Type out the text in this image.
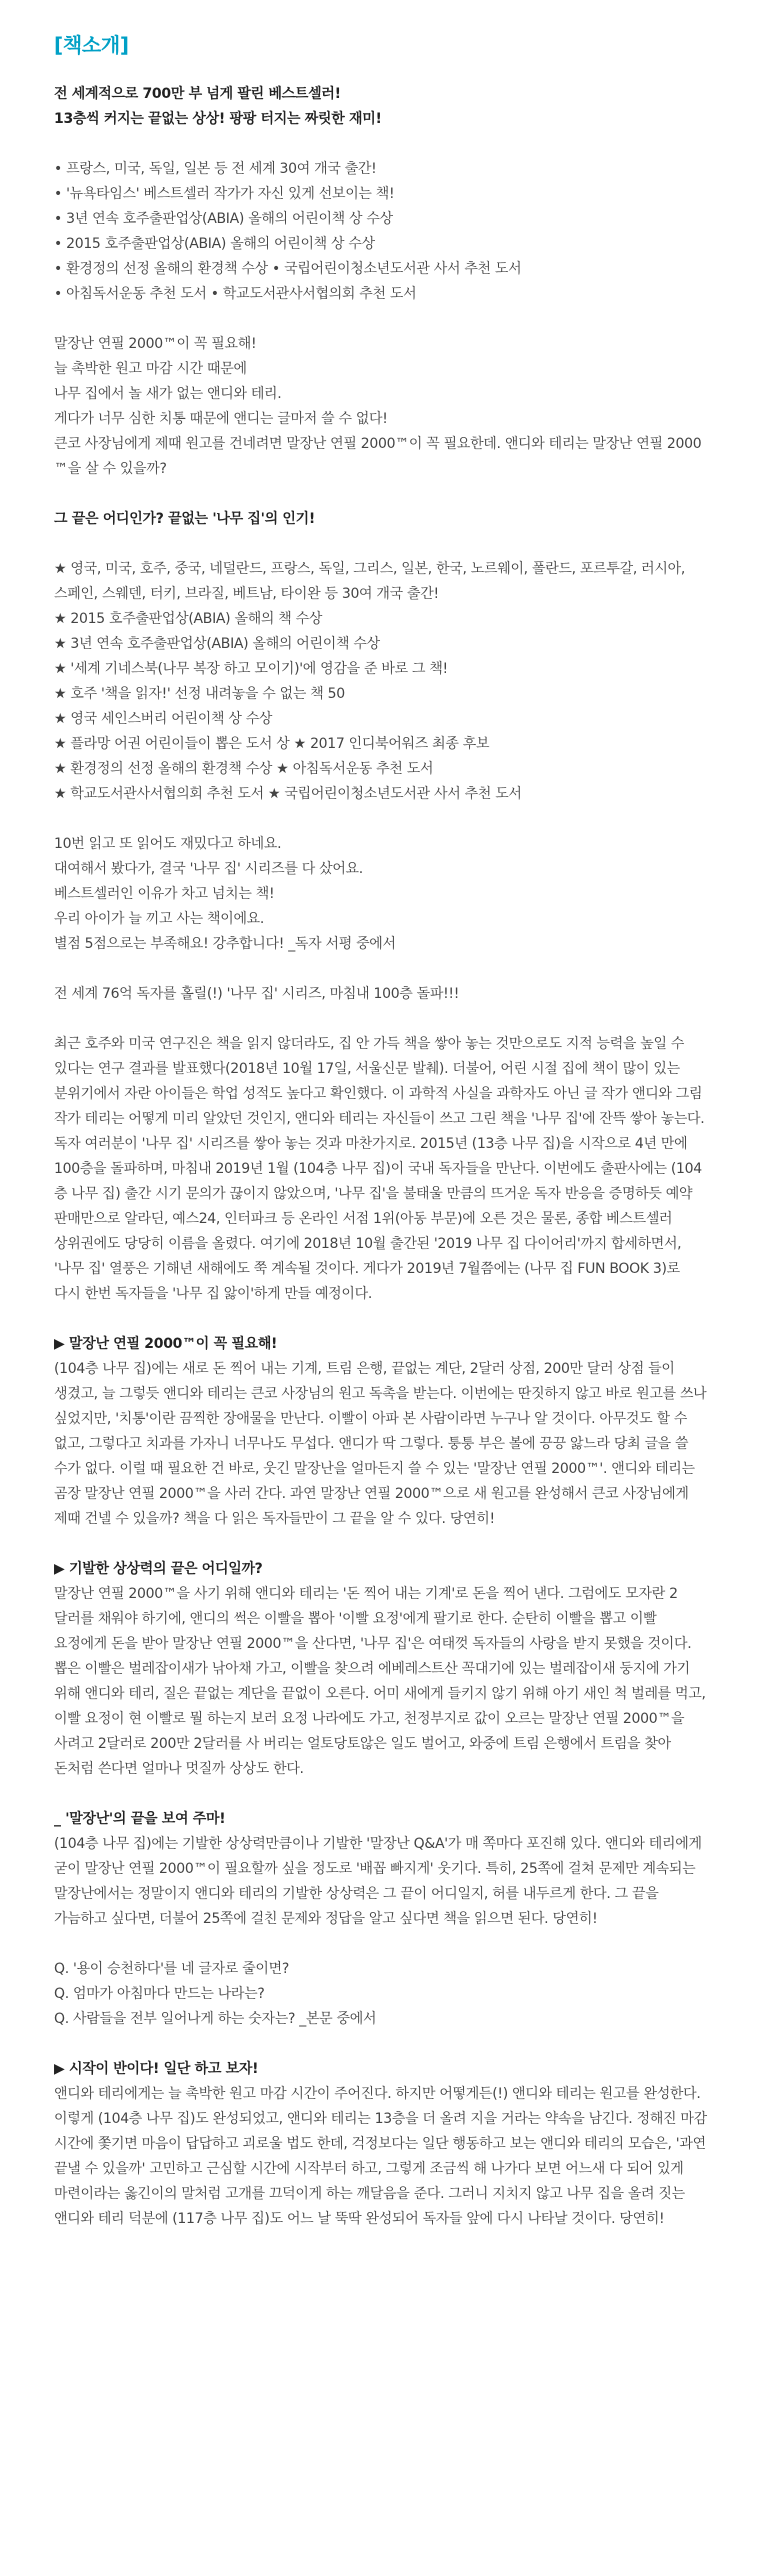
[책소개]
전 세계적으로 700만 부 넘게 팔린 베스트셀러!
13층씩 커지는 끝없는 상상! 팡팡 터지는 짜릿한 재미!
• 프랑스, 미국, 독일, 일본 등 전 세계 30여 개국 출간!
• '뉴욕타임스' 베스트셀러 작가가 자신 있게 선보이는 책!
• 3년 연속 호주출판업상(ABIA) 올해의 어린이책 상 수상
• 2015 호주출판업상(ABIA) 올해의 어린이책 상 수상
• 환경정의 선정 올해의 환경책 수상 • 국립어린이청소년도서관 사서 추천 도서
• 아침독서운동 추천 도서 • 학교도서관사서협의회 추천 도서
말장난 연필 2000™이 꼭 필요해!
늘 촉박한 원고 마감 시간 때문에
나무 집에서 놀 새가 없는 앤디와 테리.
게다가 너무 심한 치통 때문에 앤디는 글마저 쓸 수 없다!
큰코 사장님에게 제때 원고를 건네려면 말장난 연필 2000™이 꼭 필요한데. 앤디와 테리는 말장난 연필 2000
™을 살 수 있을까?
그 끝은 어디인가? 끝없는 '나무 집'의 인기!
★ 영국, 미국, 호주, 중국, 네덜란드, 프랑스, 독일, 그리스, 일본, 한국, 노르웨이, 폴란드, 포르투갈, 러시아,
스페인, 스웨덴, 터키, 브라질, 베트남, 타이완 등 30여 개국 출간!
★ 2015 호주출판업상(ABIA) 올해의 책 수상
★ 3년 연속 호주출판업상(ABIA) 올해의 어린이책 수상
★ '세계 기네스북(나무 복장 하고 모이기)'에 영감을 준 바로 그 책!
★ 호주 '책을 읽자!' 선정 내려놓을 수 없는 책 50
★ 영국 세인스버리 어린이책 상 수상
★ 플라망 어권 어린이들이 뽑은 도서 상 ★ 2017 인디북어워즈 최종 후보
★ 환경정의 선정 올해의 환경책 수상 ★ 아침독서운동 추천 도서
★ 학교도서관사서협의회 추천 도서 ★ 국립어린이청소년도서관 사서 추천 도서
10번 읽고 또 읽어도 재밌다고 하네요.
대여해서 봤다가, 결국 '나무 집' 시리즈를 다 샀어요.
베스트셀러인 이유가 차고 넘치는 책!
우리 아이가 늘 끼고 사는 책이에요.
별점 5점으로는 부족해요! 강추합니다! _독자 서평 중에서
전 세계 76억 독자를 홀릴(!) '나무 집' 시리즈, 마침내 100층 돌파!!!
최근 호주와 미국 연구진은 책을 읽지 않더라도, 집 안 가득 책을 쌓아 놓는 것만으로도 지적 능력을 높일 수
있다는 연구 결과를 발표했다(2018년 10월 17일, 서울신문 발췌). 더불어, 어린 시절 집에 책이 많이 있는
분위기에서 자란 아이들은 학업 성적도 높다고 확인했다. 이 과학적 사실을 과학자도 아닌 글 작가 앤디와 그림
작가 테리는 어떻게 미리 알았던 것인지, 앤디와 테리는 자신들이 쓰고 그린 책을 '나무 집'에 잔뜩 쌓아 놓는다.
독자 여러분이 '나무 집' 시리즈를 쌓아 놓는 것과 마찬가지로. 2015년 (13층 나무 집)을 시작으로 4년 만에
100층을 돌파하며, 마침내 2019년 1월 (104층 나무 집)이 국내 독자들을 만난다. 이번에도 출판사에는 (104
층 나무 집) 출간 시기 문의가 끊이지 않았으며, '나무 집'을 불태울 만큼의 뜨거운 독자 반응을 증명하듯 예약
판매만으로 알라딘, 예스24, 인터파크 등 온라인 서점 1위(아동 부문)에 오른 것은 물론, 종합 베스트셀러
상위권에도 당당히 이름을 올렸다. 여기에 2018년 10월 출간된 '2019 나무 집 다이어리'까지 합세하면서,
'나무 집' 열풍은 기해년 새해에도 쭉 계속될 것이다. 게다가 2019년 7월쯤에는 (나무 집 FUN BOOK 3)로
다시 한번 독자들을 '나무 집 앓이'하게 만들 예정이다.
▶ 말장난 연필 2000™이 꼭 필요해!
(104층 나무 집)에는 새로 돈 찍어 내는 기계, 트림 은행, 끝없는 계단, 2달러 상점, 200만 달러 상점 들이
생겼고, 늘 그렇듯 앤디와 테리는 큰코 사장님의 원고 독촉을 받는다. 이번에는 딴짓하지 않고 바로 원고를 쓰나
싶었지만, '치통'이란 끔찍한 장애물을 만난다. 이빨이 아파 본 사람이라면 누구나 알 것이다. 아무것도 할 수
없고, 그렇다고 치과를 가자니 너무나도 무섭다. 앤디가 딱 그렇다. 퉁퉁 부은 볼에 끙끙 앓느라 당최 글을 쓸
수가 없다. 이럴 때 필요한 건 바로, 웃긴 말장난을 얼마든지 쓸 수 있는 '말장난 연필 2000™'. 앤디와 테리는
곰장 말장난 연필 2000™을 사러 간다. 과연 말장난 연필 2000™으로 새 원고를 완성해서 큰코 사장님에게
제때 건넬 수 있을까? 책을 다 읽은 독자들만이 그 끝을 알 수 있다. 당연히!
▶ 기발한 상상력의 끝은 어디일까?
말장난 연필 2000™을 사기 위해 앤디와 테리는 '돈 찍어 내는 기계'로 돈을 찍어 낸다. 그럼에도 모자란 2
달러를 채워야 하기에, 앤디의 썩은 이빨을 뽑아 '이빨 요정'에게 팔기로 한다. 순탄히 이빨을 뽑고 이빨
요정에게 돈을 받아 말장난 연필 2000™을 산다면, '나무 집'은 여태껏 독자들의 사랑을 받지 못했을 것이다.
뽑은 이빨은 벌레잡이새가 낚아채 가고, 이빨을 찾으려 에베레스트산 꼭대기에 있는 벌레잡이새 둥지에 가기
위해 앤디와 테리, 질은 끝없는 계단을 끝없이 오른다. 어미 새에게 들키지 않기 위해 아기 새인 척 벌레를 먹고,
이빨 요정이 현 이빨로 뭘 하는지 보러 요정 나라에도 가고, 천정부지로 값이 오르는 말장난 연필 2000™을
사려고 2달러로 200만 2달러를 사 버리는 얼토당토않은 일도 벌어고, 와중에 트림 은행에서 트림을 찾아
돈처럼 쓴다면 얼마나 멋질까 상상도 한다.
_ '말장난'의 끝을 보여 주마!
(104층 나무 집)에는 기발한 상상력만큼이나 기발한 '말장난 Q&A'가 매 쪽마다 포진해 있다. 앤디와 테리에게
굳이 말장난 연필 2000™이 필요할까 싶을 정도로 '배꼽 빠지게' 웃기다. 특히, 25쪽에 걸쳐 문제만 계속되는
말장난에서는 정말이지 앤디와 테리의 기발한 상상력은 그 끝이 어디일지, 허를 내두르게 한다. 그 끝을
가늠하고 싶다면, 더불어 25쪽에 걸친 문제와 정답을 알고 싶다면 책을 읽으면 된다. 당연히!
Q. '용이 승천하다'를 네 글자로 줄이면?
Q. 엄마가 아침마다 만드는 나라는?
Q. 사람들을 전부 일어나게 하는 숫자는? _본문 중에서
▶ 시작이 반이다! 일단 하고 보자!
앤디와 테리에게는 늘 촉박한 원고 마감 시간이 주어진다. 하지만 어떻게든(!) 앤디와 테리는 원고를 완성한다.
이렇게 (104층 나무 집)도 완성되었고, 앤디와 테리는 13층을 더 올려 지을 거라는 약속을 남긴다. 정해진 마감
시간에 쫓기면 마음이 답답하고 괴로울 법도 한데, 걱정보다는 일단 행동하고 보는 앤디와 테리의 모습은, '과연
끝낼 수 있을까' 고민하고 근심할 시간에 시작부터 하고, 그렇게 조금씩 해 나가다 보면 어느새 다 되어 있게
마련이라는 옳긴이의 말처럼 고개를 끄덕이게 하는 깨달음을 준다. 그러니 지치지 않고 나무 집을 올려 짓는
앤디와 테리 덕분에 (117층 나무 집)도 어느 날 뚝딱 완성되어 독자들 앞에 다시 나타날 것이다. 당연히!
